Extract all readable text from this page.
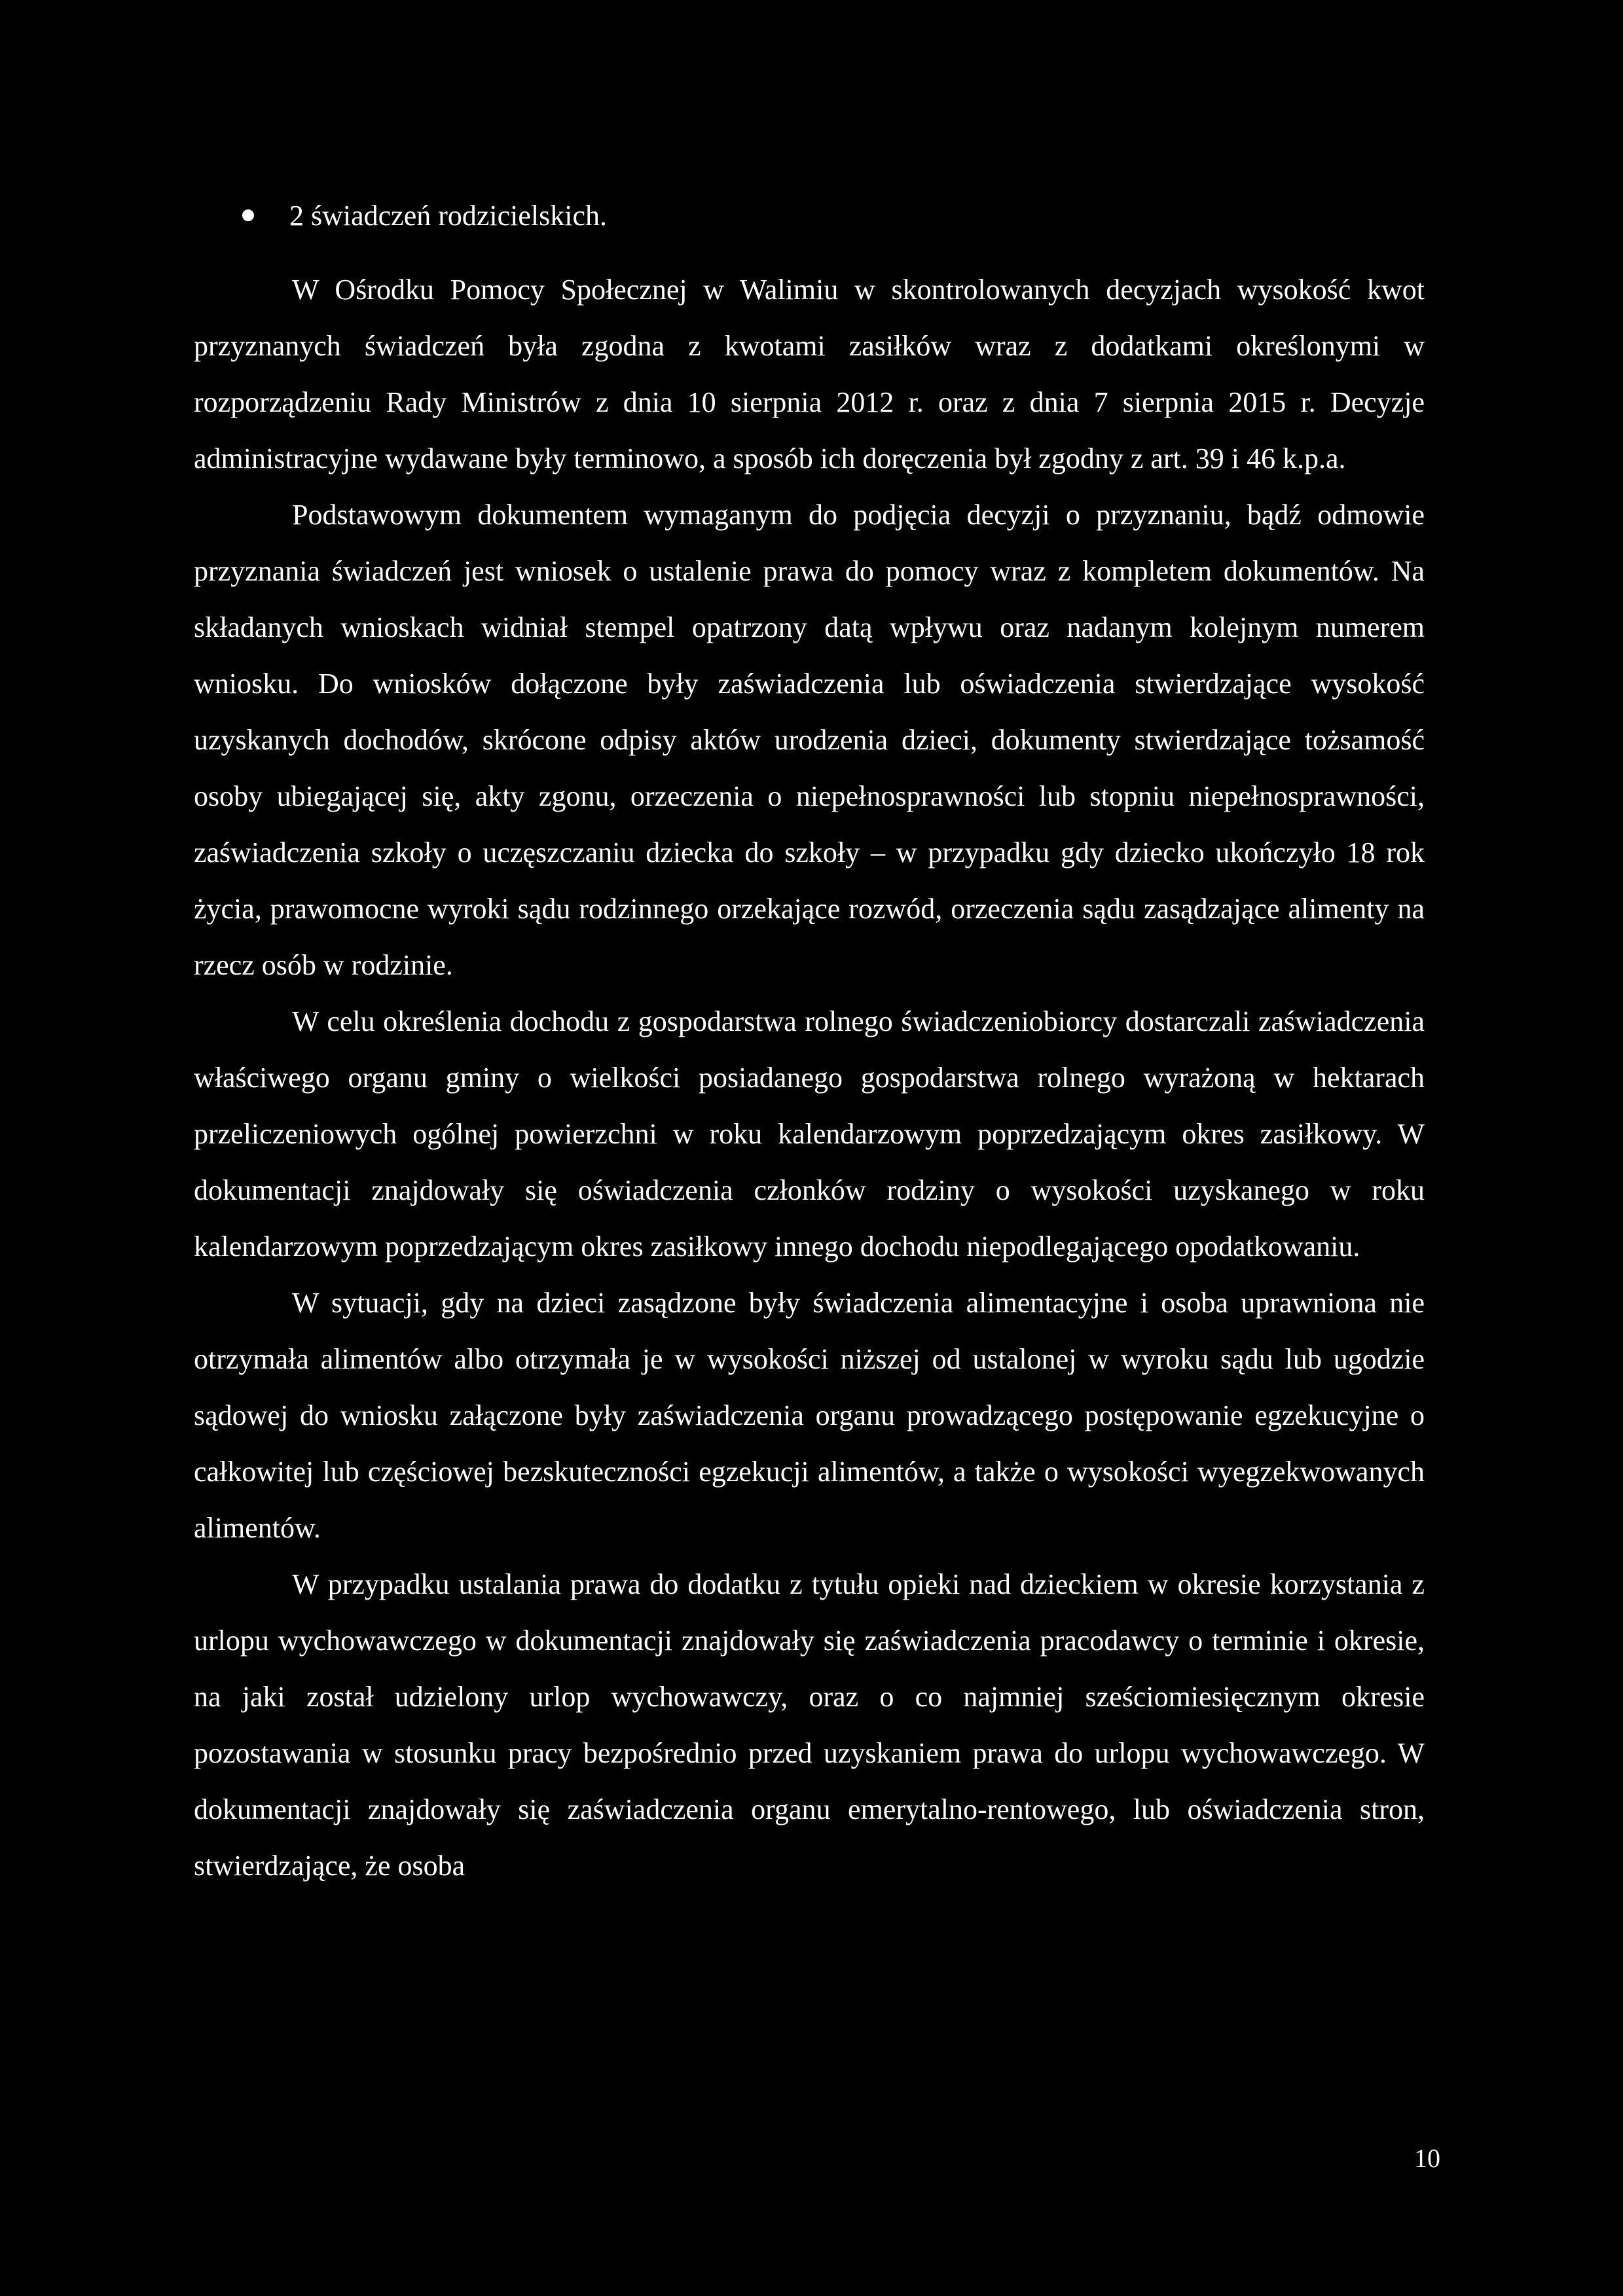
2 świadczeń rodzicielskich.

W Ośrodku Pomocy Społecznej w Walimiu w skontrolowanych decyzjach wysokość kwot przyznanych świadczeń była zgodna z kwotami zasiłków wraz z dodatkami określonymi w rozporządzeniu Rady Ministrów z dnia 10 sierpnia 2012 r. oraz z dnia 7 sierpnia 2015 r. Decyzje administracyjne wydawane były terminowo, a sposób ich doręczenia był zgodny z art. 39 i 46 k.p.a.

Podstawowym dokumentem wymaganym do podjęcia decyzji o przyznaniu, bądź odmowie przyznania świadczeń jest wniosek o ustalenie prawa do pomocy wraz z kompletem dokumentów. Na składanych wnioskach widniał stempel opatrzony datą wpływu oraz nadanym kolejnym numerem wniosku. Do wniosków dołączone były zaświadczenia lub oświadczenia stwierdzające wysokość uzyskanych dochodów, skrócone odpisy aktów urodzenia dzieci, dokumenty stwierdzające tożsamość osoby ubiegającej się, akty zgonu, orzeczenia o niepełnosprawności lub stopniu niepełnosprawności, zaświadczenia szkoły o uczęszczaniu dziecka do szkoły – w przypadku gdy dziecko ukończyło 18 rok życia, prawomocne wyroki sądu rodzinnego orzekające rozwód, orzeczenia sądu zasądzające alimenty na rzecz osób w rodzinie.

W celu określenia dochodu z gospodarstwa rolnego świadczeniobiorcy dostarczali zaświadczenia właściwego organu gminy o wielkości posiadanego gospodarstwa rolnego wyrażoną w hektarach przeliczeniowych ogólnej powierzchni w roku kalendarzowym poprzedzającym okres zasiłkowy. W dokumentacji znajdowały się oświadczenia członków rodziny o wysokości uzyskanego w roku kalendarzowym poprzedzającym okres zasiłkowy innego dochodu niepodlegającego opodatkowaniu.

W sytuacji, gdy na dzieci zasądzone były świadczenia alimentacyjne i osoba uprawniona nie otrzymała alimentów albo otrzymała je w wysokości niższej od ustalonej w wyroku sądu lub ugodzie sądowej do wniosku załączone były zaświadczenia organu prowadzącego postępowanie egzekucyjne o całkowitej lub częściowej bezskuteczności egzekucji alimentów, a także o wysokości wyegzekwowanych alimentów.

W przypadku ustalania prawa do dodatku z tytułu opieki nad dzieckiem w okresie korzystania z urlopu wychowawczego w dokumentacji znajdowały się zaświadczenia pracodawcy o terminie i okresie, na jaki został udzielony urlop wychowawczy, oraz o co najmniej sześciomiesięcznym okresie pozostawania w stosunku pracy bezpośrednio przed uzyskaniem prawa do urlopu wychowawczego. W dokumentacji znajdowały się zaświadczenia organu emerytalno-rentowego, lub oświadczenia stron, stwierdzające, że osoba

10
